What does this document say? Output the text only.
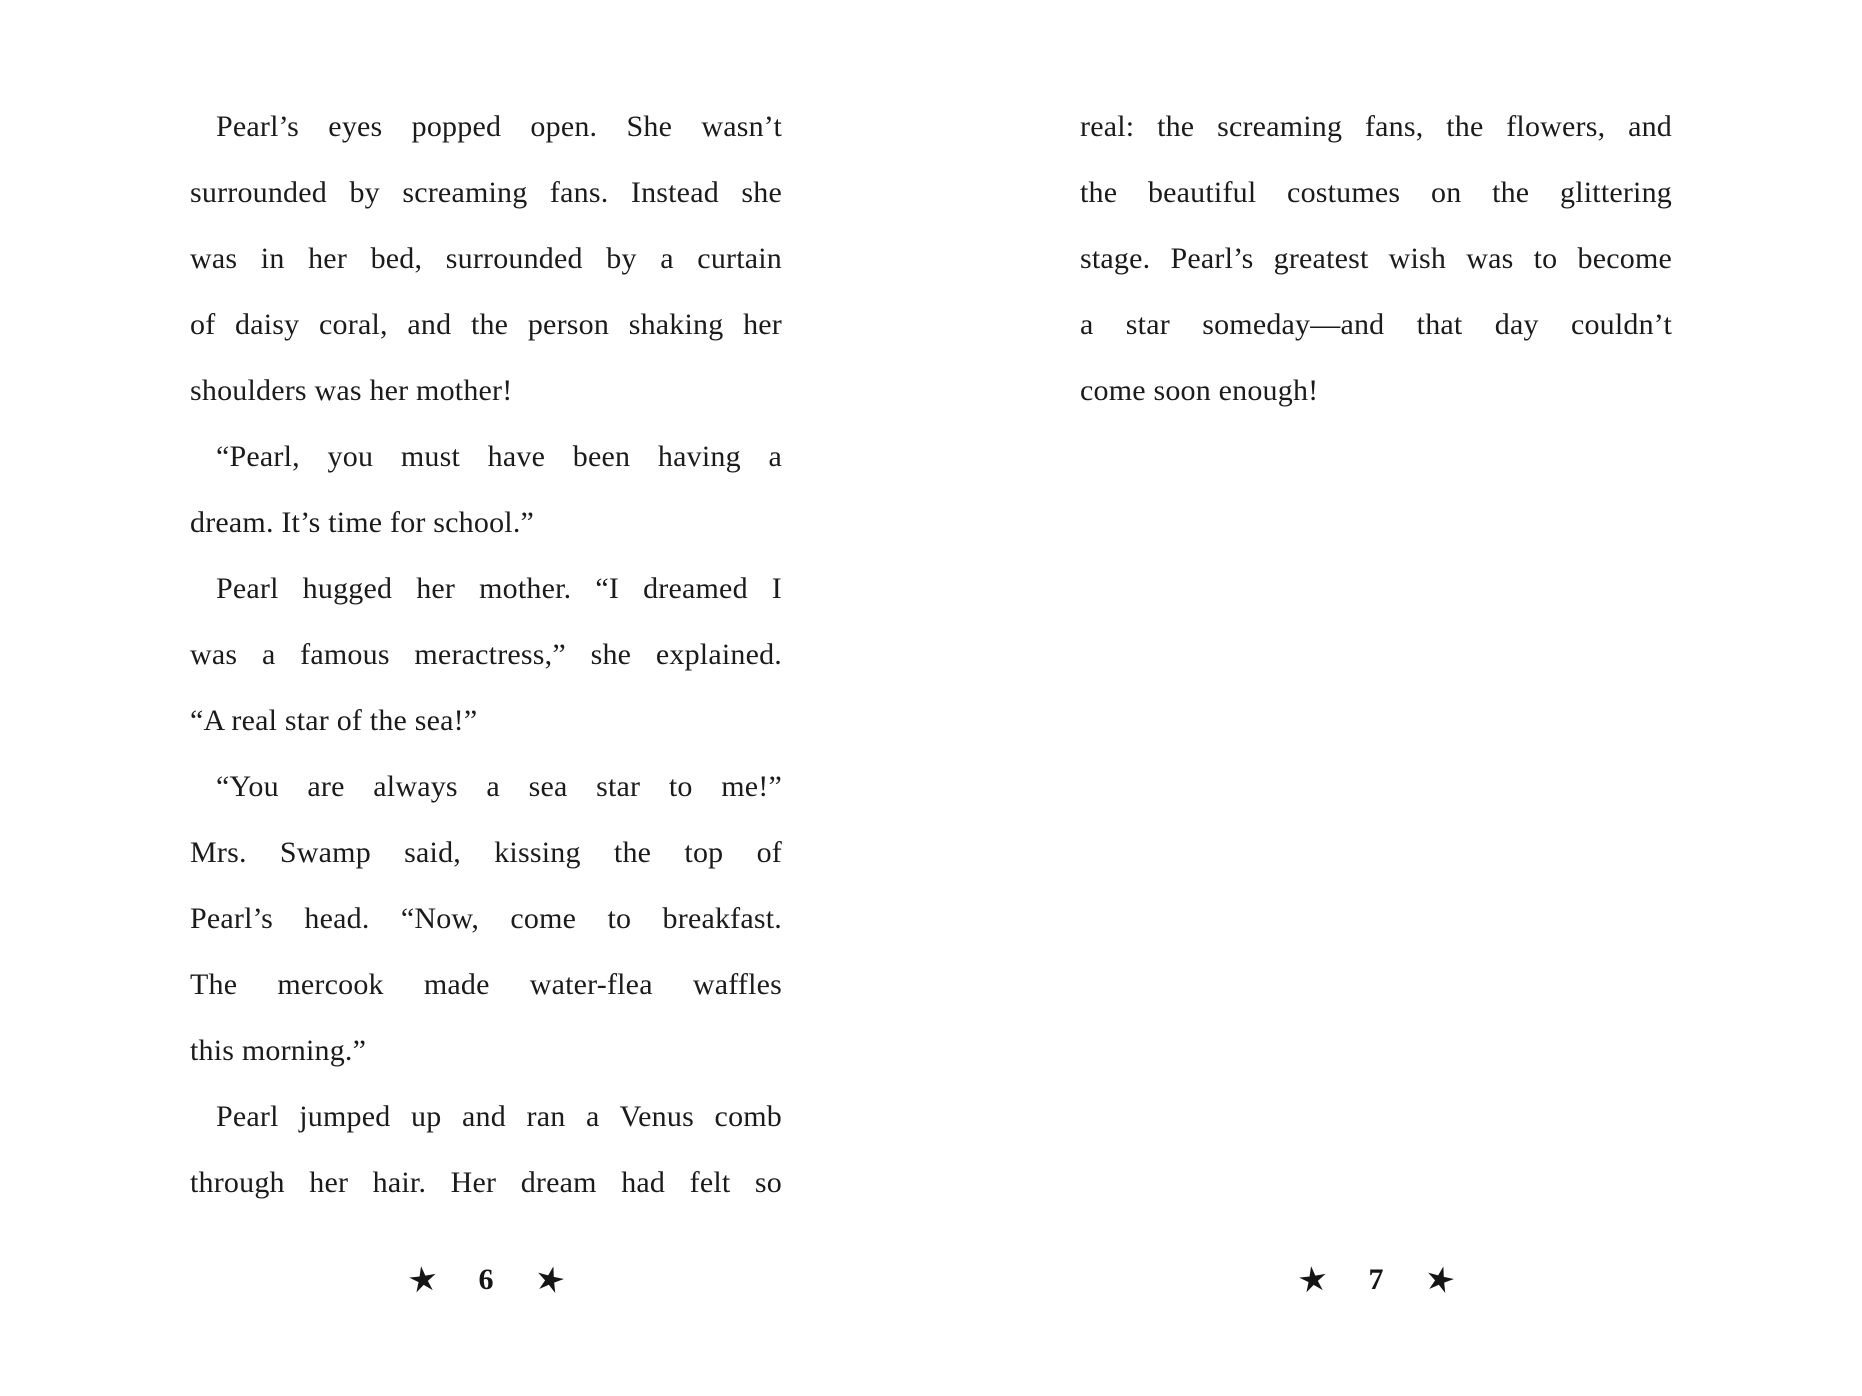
Pearl’s eyes popped open. She wasn’t
surrounded by screaming fans. Instead she
was in her bed, surrounded by a curtain
of daisy coral, and the person shaking her
shoulders was her mother!
“Pearl, you must have been having a
dream. It’s time for school.”
Pearl hugged her mother. “I dreamed I
was a famous meractress,” she explained.
“A real star of the sea!”
“You are always a sea star to me!”
Mrs. Swamp said, kissing the top of
Pearl’s head. “Now, come to breakfast.
The mercook made water-flea waffles
this morning.”
Pearl jumped up and ran a Venus comb
through her hair. Her dream had felt so
6
real: the screaming fans, the flowers, and
the beautiful costumes on the glittering
stage. Pearl’s greatest wish was to become
a star someday—and that day couldn’t
come soon enough!
7
